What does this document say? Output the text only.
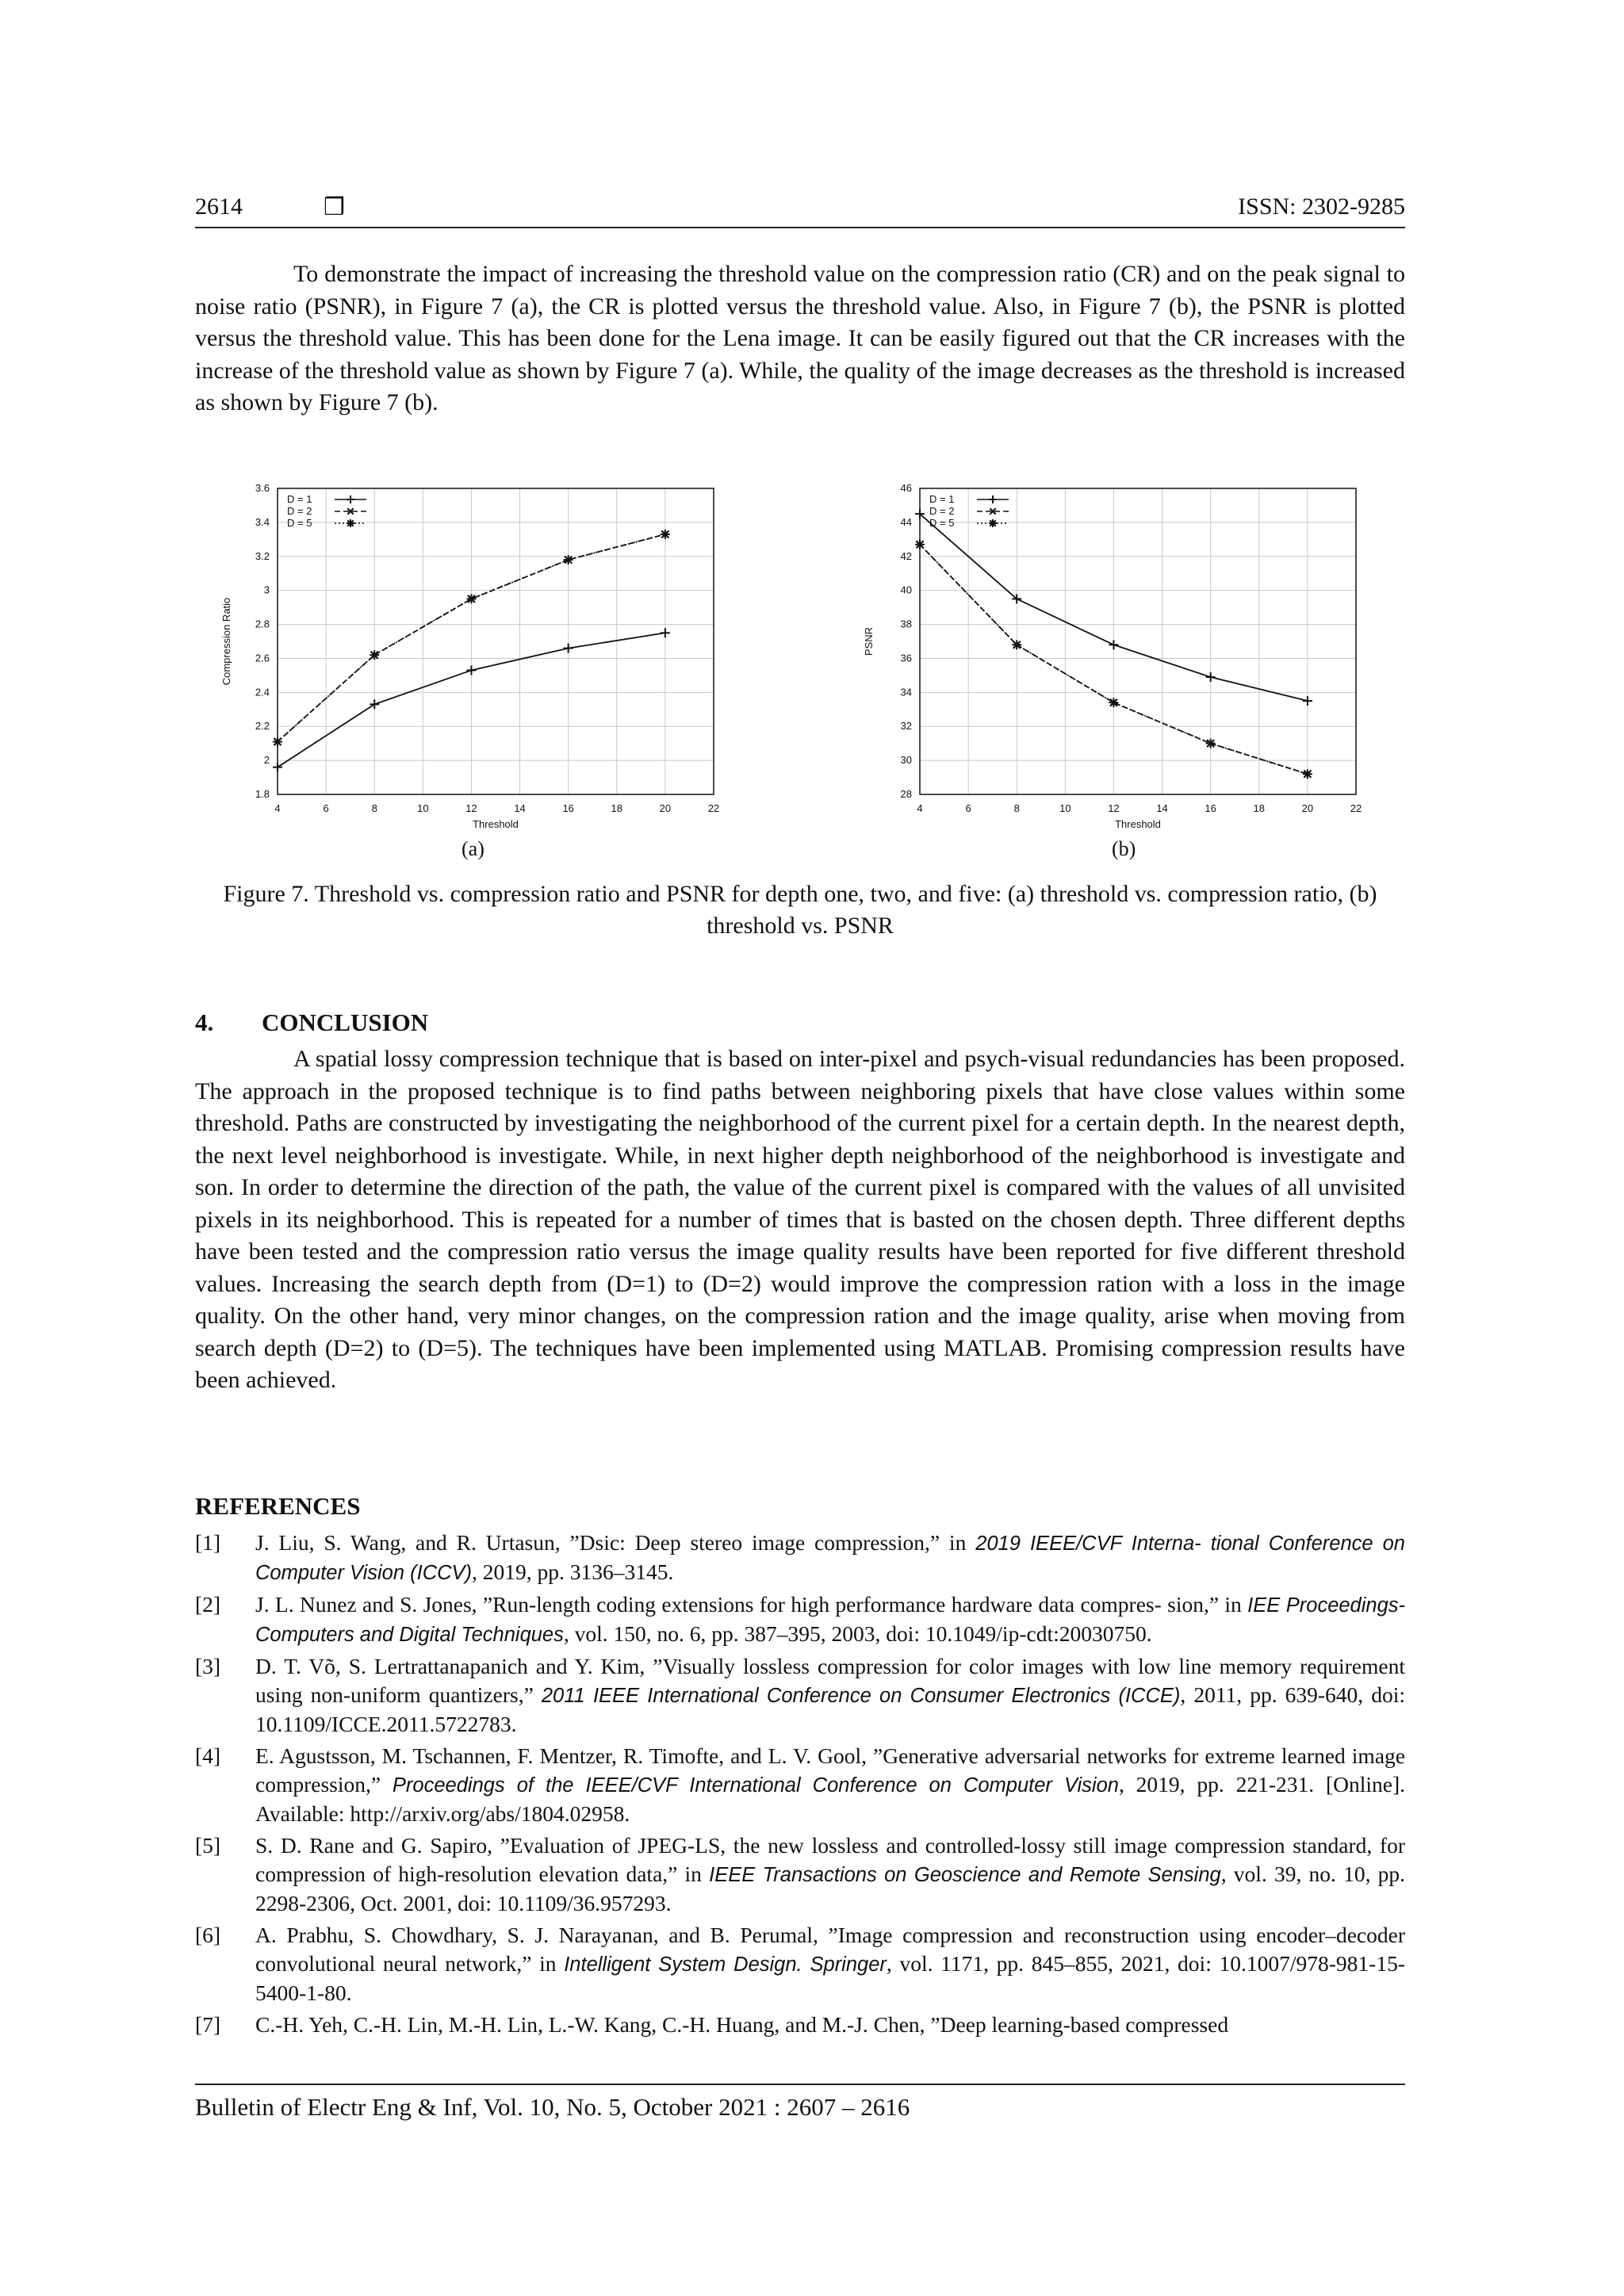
2614	❒	ISSN: 2302-9285

To demonstrate the impact of increasing the threshold value on the compression ratio (CR) and on the peak signal to noise ratio (PSNR), in Figure 7 (a), the CR is plotted versus the threshold value. Also, in Figure 7 (b), the PSNR is plotted versus the threshold value. This has been done for the Lena image. It can be easily figured out that the CR increases with the increase of the threshold value as shown by Figure 7 (a). While, the quality of the image decreases as the threshold is increased as shown by Figure 7 (b).

4	6	8	10	12	14	16	18	20	22
1.8
2
2.2
2.4
2.6
2.8
3
3.2
3.4
3.6
Threshold
Compression Ratio
D = 1
D = 2
D = 5
4	6	8	10	12	14	16	18	20	22
28
30
32
34
36
38
40
42
44
46
Threshold
PSNR
D = 1
D = 2
D = 5
Figure 7. Threshold vs. compression ratio and PSNR for depth one, two, and five: (a) threshold vs. compression ratio, (b) threshold vs. PSNR
4. CONCLUSION

A spatial lossy compression technique that is based on inter-pixel and psych-visual redundancies has been proposed. The approach in the proposed technique is to find paths between neighboring pixels that have close values within some threshold. Paths are constructed by investigating the neighborhood of the current pixel for a certain depth. In the nearest depth, the next level neighborhood is investigate. While, in next higher depth neighborhood of the neighborhood is investigate and son. In order to determine the direction of the path, the value of the current pixel is compared with the values of all unvisited pixels in its neighborhood. This is repeated for a number of times that is basted on the chosen depth. Three different depths have been tested and the compression ratio versus the image quality results have been reported for five different threshold values. Increasing the search depth from (D=1) to (D=2) would improve the compression ration with a loss in the image quality. On the other hand, very minor changes, on the compression ration and the image quality, arise when moving from search depth (D=2) to (D=5). The techniques have been implemented using MATLAB. Promising compression results have been achieved.

REFERENCES
[1]	J. Liu, S. Wang, and R. Urtasun, ”Dsic: Deep stereo image compression,” in 2019 IEEE/CVF Interna- tional Conference on Computer Vision (ICCV), 2019, pp. 3136–3145.
[2]	J. L. Nunez and S. Jones, ”Run-length coding extensions for high performance hardware data compres- sion,” in IEE Proceedings-Computers and Digital Techniques, vol. 150, no. 6, pp. 387–395, 2003, doi: 10.1049/ip-cdt:20030750.
[3]	D. T. Võ, S. Lertrattanapanich and Y. Kim, ”Visually lossless compression for color images with low line memory requirement using non-uniform quantizers,” 2011 IEEE International Conference on Consumer Electronics (ICCE), 2011, pp. 639-640, doi: 10.1109/ICCE.2011.5722783.
[4]	E. Agustsson, M. Tschannen, F. Mentzer, R. Timofte, and L. V. Gool, ”Generative adversarial networks for extreme learned image compression,” Proceedings of the IEEE/CVF International Conference on Computer Vision, 2019, pp. 221-231. [Online]. Available: http://arxiv.org/abs/1804.02958.
[5]	S. D. Rane and G. Sapiro, ”Evaluation of JPEG-LS, the new lossless and controlled-lossy still image compression standard, for compression of high-resolution elevation data,” in IEEE Transactions on Geoscience and Remote Sensing, vol. 39, no. 10, pp. 2298-2306, Oct. 2001, doi: 10.1109/36.957293.
[6]	A. Prabhu, S. Chowdhary, S. J. Narayanan, and B. Perumal, ”Image compression and reconstruction using encoder–decoder convolutional neural network,” in Intelligent System Design. Springer, vol. 1171, pp. 845–855, 2021, doi: 10.1007/978-981-15-5400-1-80.
[7]	C.-H. Yeh, C.-H. Lin, M.-H. Lin, L.-W. Kang, C.-H. Huang, and M.-J. Chen, ”Deep learning-based compressed
Bulletin of Electr Eng & Inf, Vol. 10, No. 5, October 2021 : 2607 – 2616
(a)	(b)
